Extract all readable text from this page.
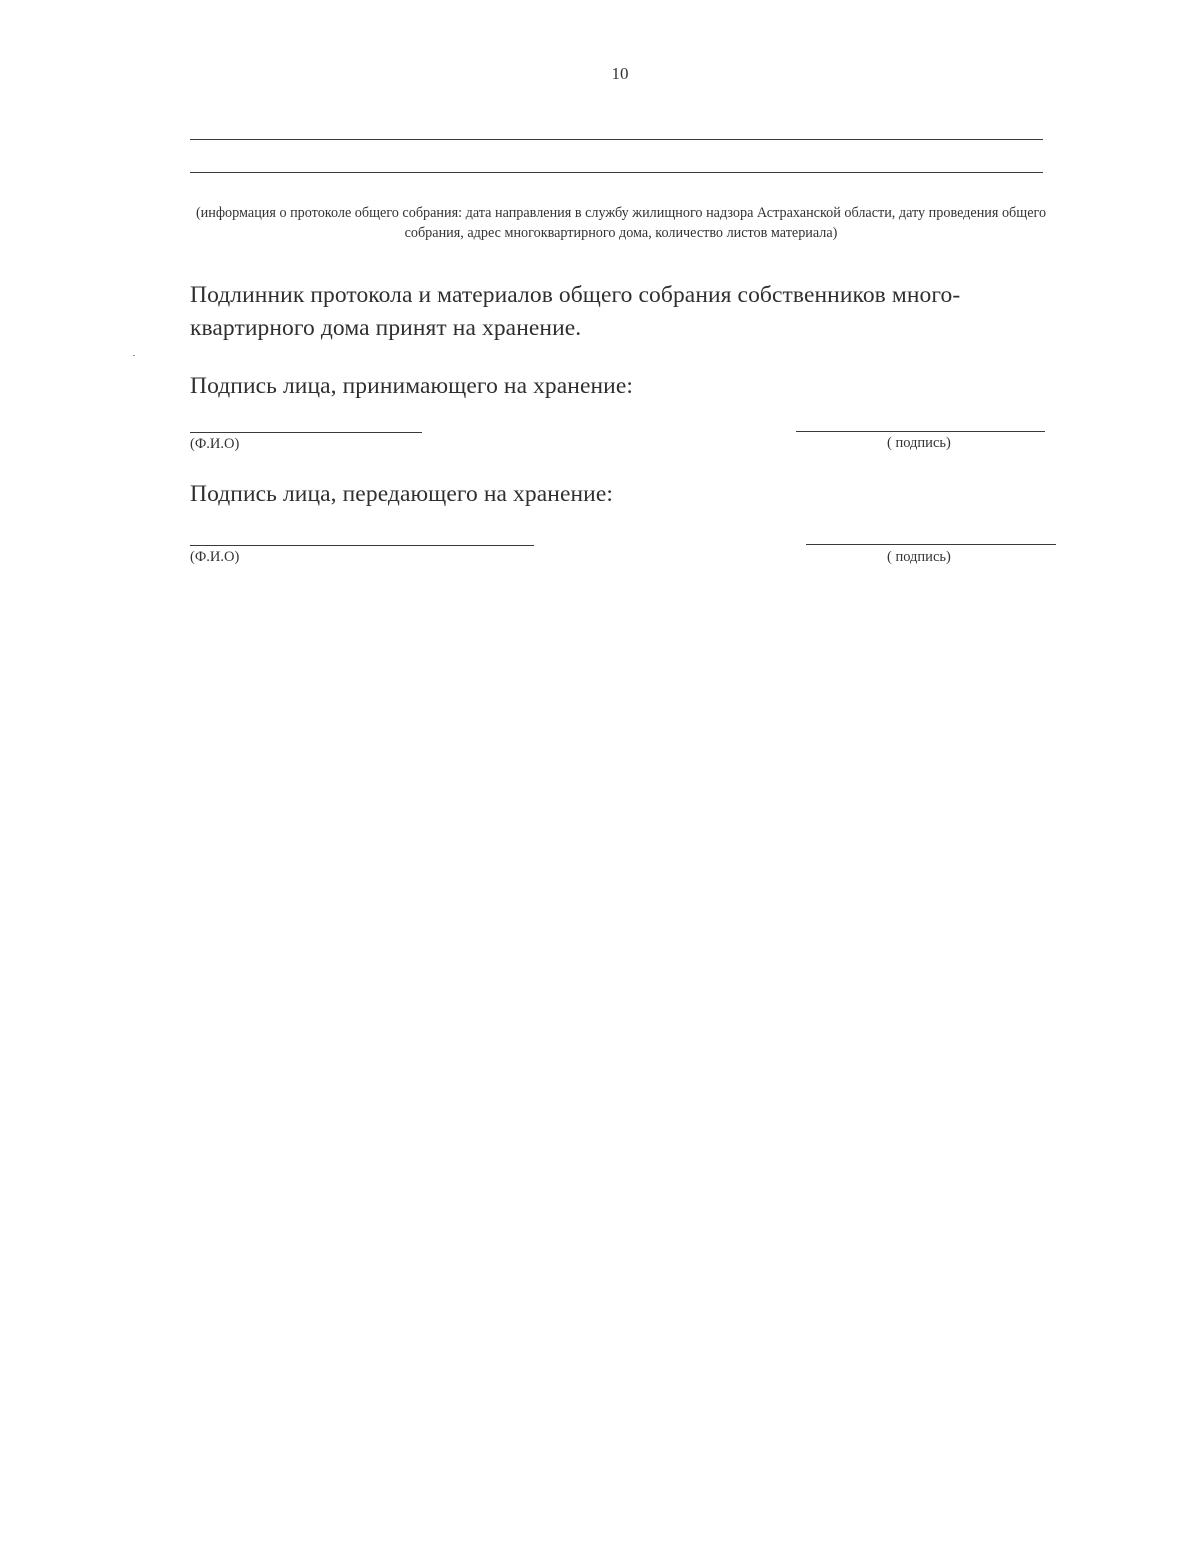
10
(информация о протоколе общего собрания: дата направления в службу жилищного надзора Астраханской области, дату проведения общего собрания, адрес многоквартирного дома, количество листов материала)
Подлинник протокола и материалов общего собрания собственников много-квартирного дома принят на хранение.
Подпись лица, принимающего на хранение:
(Ф.И.О)	( подпись)
Подпись лица, передающего на хранение:
(Ф.И.О)	( подпись)
